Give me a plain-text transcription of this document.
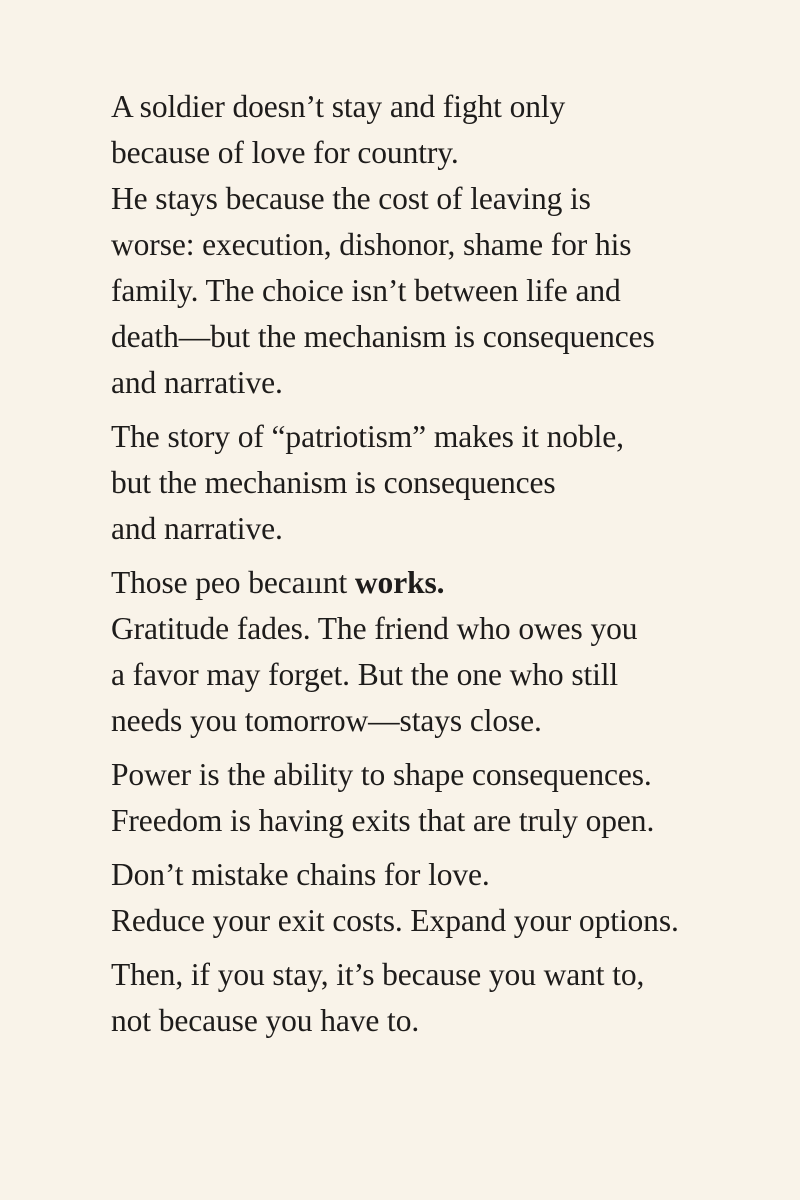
A soldier doesn’t stay and fight only
because of love for country.
He stays because the cost of leaving is
worse: execution, dishonor, shame for his
family. The choice isn’t between life and
death—but the mechanism is consequences
and narrative.

The story of “patriotism” makes it noble,
but the mechanism is consequences
and narrative.

Those peo becaıınt works.
Gratitude fades. The friend who owes you
a favor may forget. But the one who still
needs you tomorrow—stays close.

Power is the ability to shape consequences.
Freedom is having exits that are truly open.

Don’t mistake chains for love.
Reduce your exit costs. Expand your options.

Then, if you stay, it’s because you want to,
not because you have to.
